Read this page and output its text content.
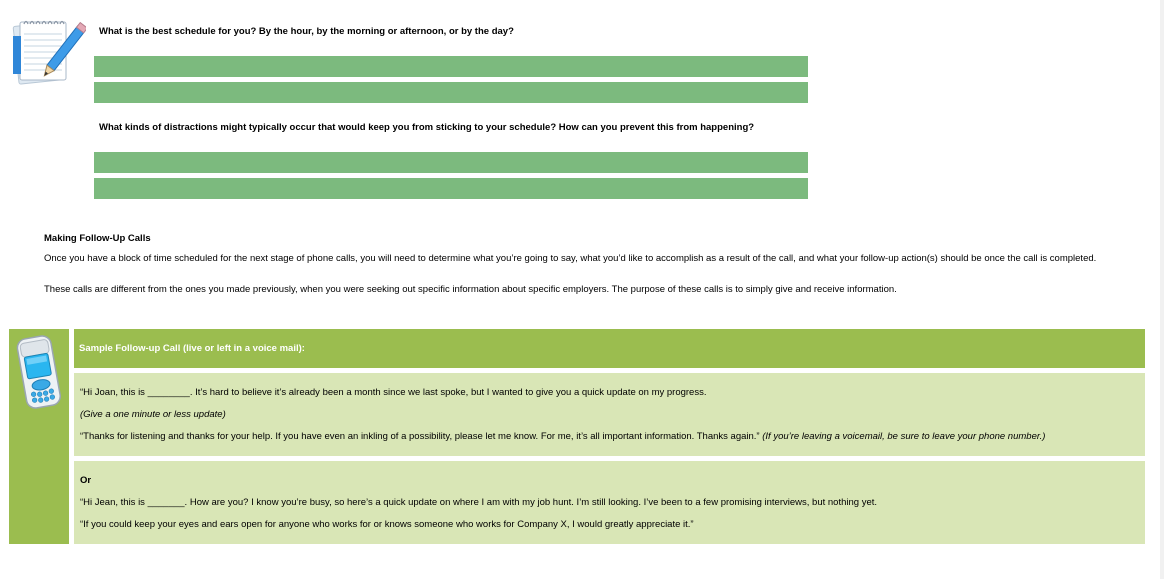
What is the best schedule for you? By the hour, by the morning or afternoon, or by the day?
What kinds of distractions might typically occur that would keep you from sticking to your schedule? How can you prevent this from happening?
Making Follow-Up Calls
Once you have a block of time scheduled for the next stage of phone calls, you will need to determine what you’re going to say, what you’d like to accomplish as a result of the call, and what your follow-up action(s) should be once the call is completed.
These calls are different from the ones you made previously, when you were seeking out specific information about specific employers. The purpose of these calls is to simply give and receive information.
Sample Follow-up Call (live or left in a voice mail):
“Hi Joan, this is ________. It’s hard to believe it’s already been a month since we last spoke, but I wanted to give you a quick update on my progress.
(Give a one minute or less update)
“Thanks for listening and thanks for your help. If you have even an inkling of a possibility, please let me know. For me, it’s all important information. Thanks again.” (If you’re leaving a voicemail, be sure to leave your phone number.)
Or
“Hi Jean, this is _______. How are you? I know you’re busy, so here’s a quick update on where I am with my job hunt. I’m still looking. I’ve been to a few promising interviews, but nothing yet.
“If you could keep your eyes and ears open for anyone who works for or knows someone who works for Company X, I would greatly appreciate it.”
